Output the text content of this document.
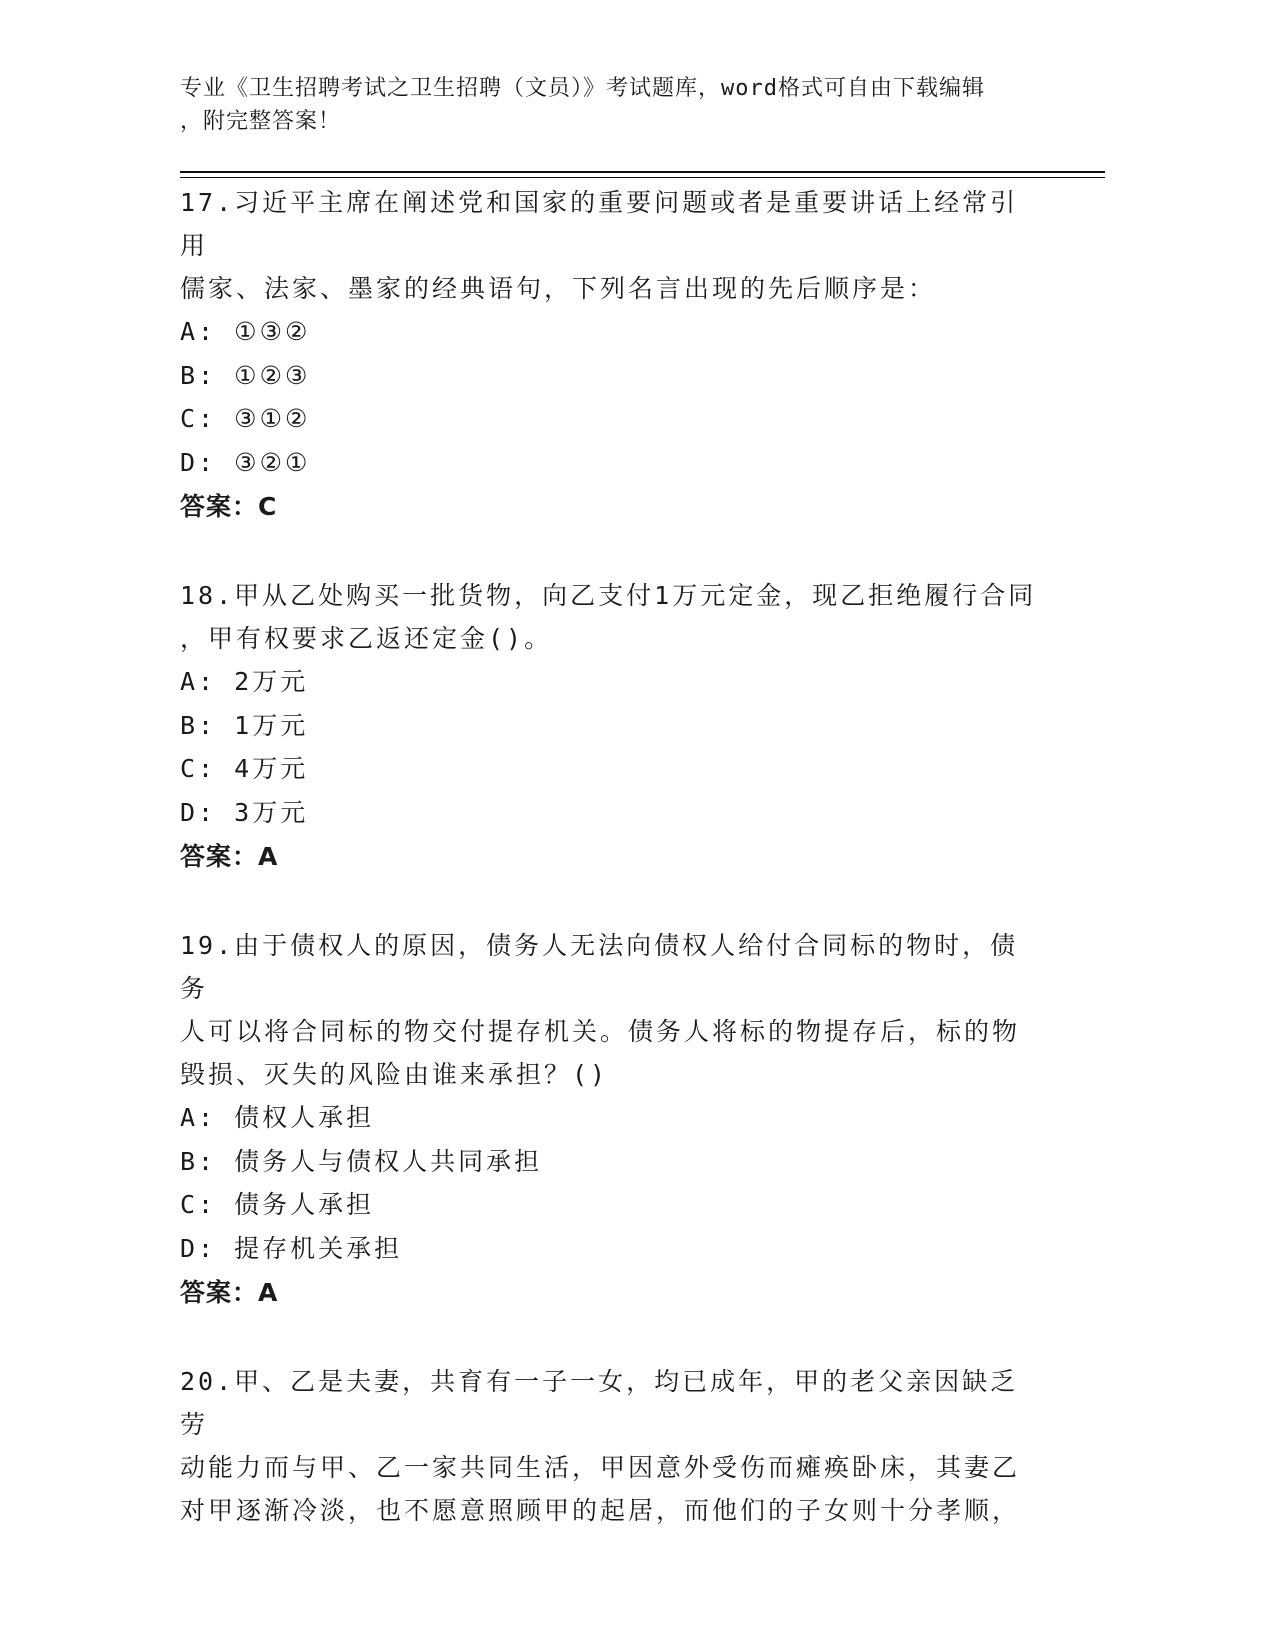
专业《卫生招聘考试之卫生招聘（文员）》考试题库，word格式可自由下载编辑
，附完整答案！
17.习近平主席在阐述党和国家的重要问题或者是重要讲话上经常引用
儒家、法家、墨家的经典语句，下列名言出现的先后顺序是：
A: ①③②
B: ①②③
C: ③①②
D: ③②①
答案：C
18.甲从乙处购买一批货物，向乙支付1万元定金，现乙拒绝履行合同
，甲有权要求乙返还定金()。
A: 2万元
B: 1万元
C: 4万元
D: 3万元
答案：A
19.由于债权人的原因，债务人无法向债权人给付合同标的物时，债务
人可以将合同标的物交付提存机关。债务人将标的物提存后，标的物
毁损、灭失的风险由谁来承担？()
A: 债权人承担
B: 债务人与债权人共同承担
C: 债务人承担
D: 提存机关承担
答案：A
20.甲、乙是夫妻，共育有一子一女，均已成年，甲的老父亲因缺乏劳
动能力而与甲、乙一家共同生活，甲因意外受伤而瘫痪卧床，其妻乙
对甲逐渐冷淡，也不愿意照顾甲的起居，而他们的子女则十分孝顺，
